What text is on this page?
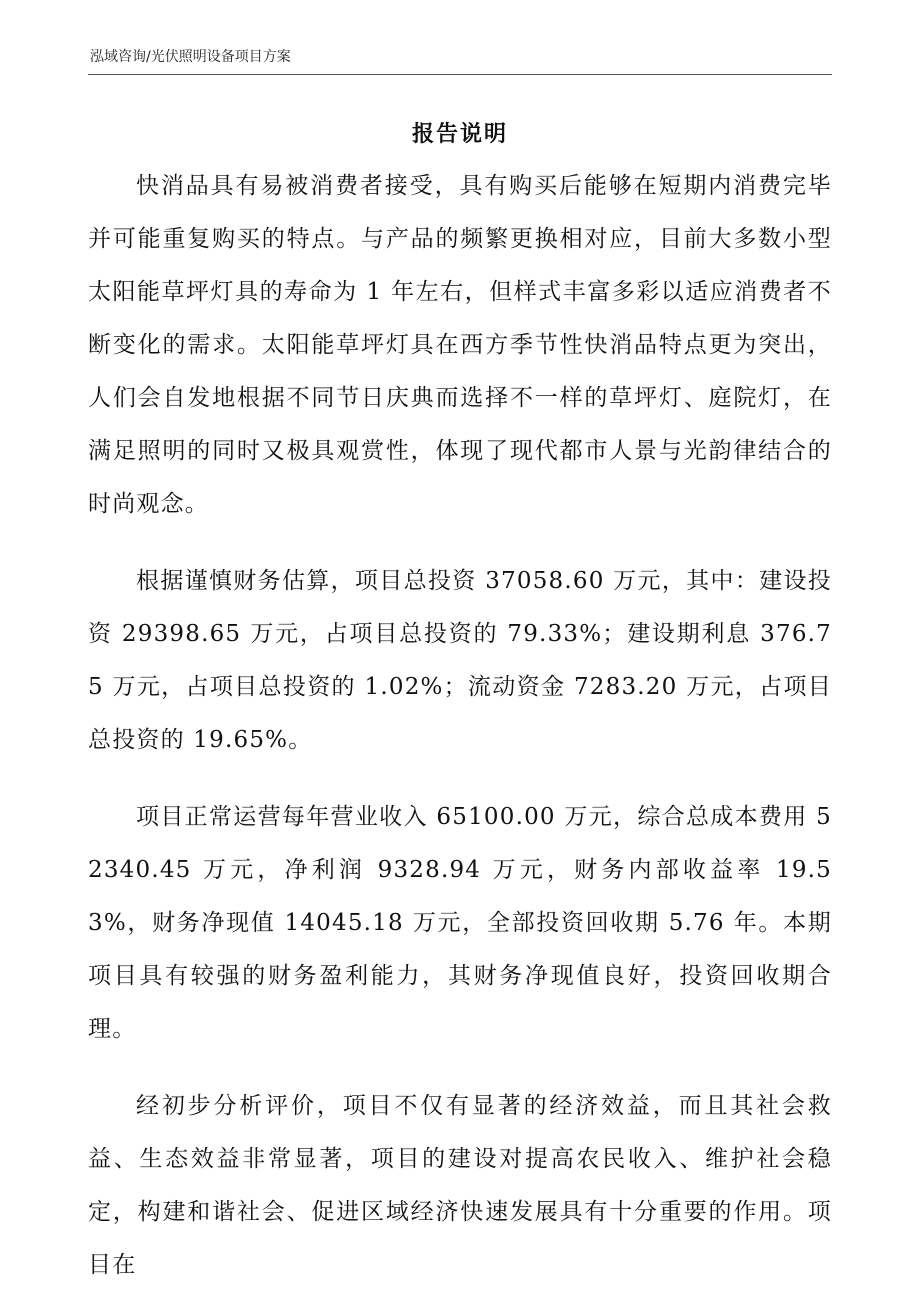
泓域咨询/光伏照明设备项目方案
报告说明

快消品具有易被消费者接受，具有购买后能够在短期内消费完毕并可能重复购买的特点。与产品的频繁更换相对应，目前大多数小型太阳能草坪灯具的寿命为 1 年左右，但样式丰富多彩以适应消费者不断变化的需求。太阳能草坪灯具在西方季节性快消品特点更为突出，人们会自发地根据不同节日庆典而选择不一样的草坪灯、庭院灯，在满足照明的同时又极具观赏性，体现了现代都市人景与光韵律结合的时尚观念。

根据谨慎财务估算，项目总投资 37058.60 万元，其中：建设投资 29398.65 万元，占项目总投资的 79.33%；建设期利息 376.75 万元，占项目总投资的 1.02%；流动资金 7283.20 万元，占项目总投资的 19.65%。

项目正常运营每年营业收入 65100.00 万元，综合总成本费用 52340.45 万元，净利润 9328.94 万元，财务内部收益率 19.53%，财务净现值 14045.18 万元，全部投资回收期 5.76 年。本期项目具有较强的财务盈利能力，其财务净现值良好，投资回收期合理。

经初步分析评价，项目不仅有显著的经济效益，而且其社会救益、生态效益非常显著，项目的建设对提高农民收入、维护社会稳定，构建和谐社会、促进区域经济快速发展具有十分重要的作用。项目在
